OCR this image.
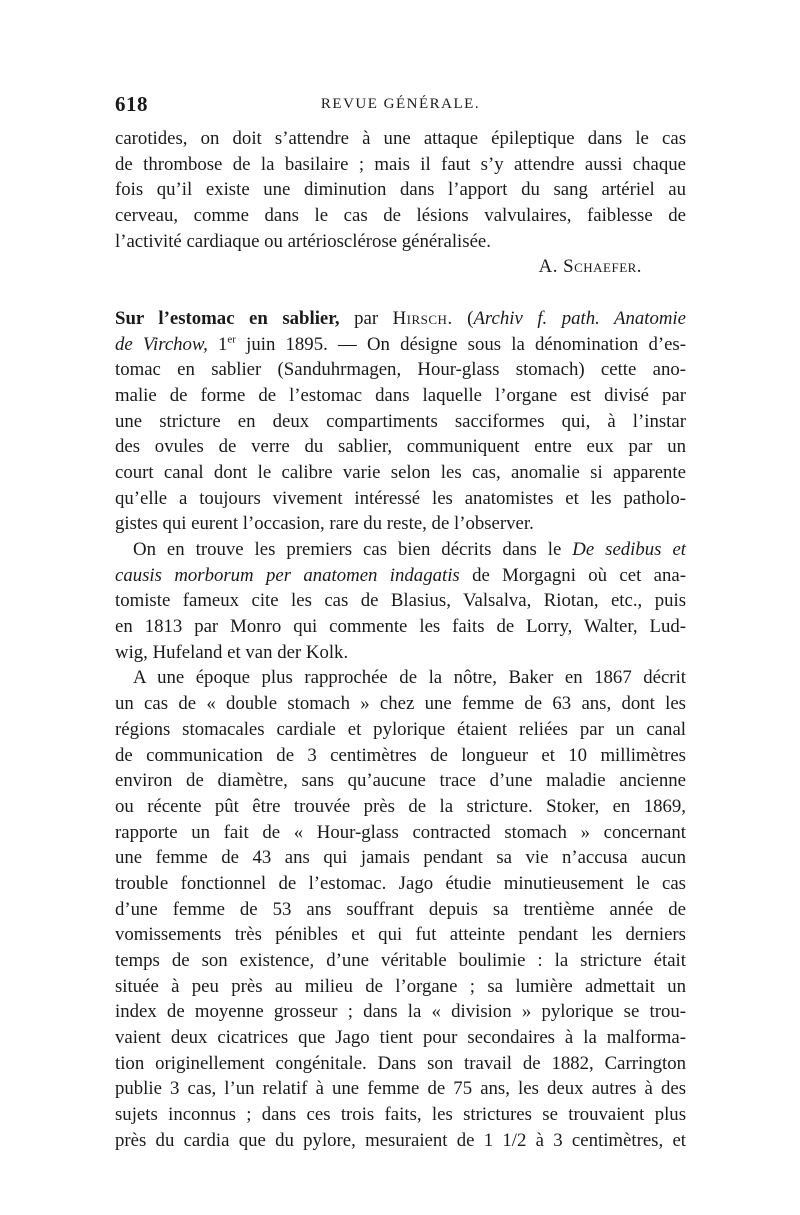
618	REVUE GÉNÉRALE.
carotides, on doit s’attendre à une attaque épileptique dans le cas
de thrombose de la basilaire ; mais il faut s’y attendre aussi chaque
fois qu’il existe une diminution dans l’apport du sang artériel au
cerveau, comme dans le cas de lésions valvulaires, faiblesse de
l’activité cardiaque ou artériosclérose généralisée.
A. Schaefer.
Sur l’estomac en sablier, par Hirsch. (Archiv f. path. Anatomie
de Virchow, 1er juin 1895. — On désigne sous la dénomination d’es-
tomac en sablier (Sanduhrmagen, Hour-glass stomach) cette ano-
malie de forme de l’estomac dans laquelle l’organe est divisé par
une stricture en deux compartiments sacciformes qui, à l’instar
des ovules de verre du sablier, communiquent entre eux par un
court canal dont le calibre varie selon les cas, anomalie si apparente
qu’elle a toujours vivement intéressé les anatomistes et les patholo-
gistes qui eurent l’occasion, rare du reste, de l’observer.
On en trouve les premiers cas bien décrits dans le De sedibus et
causis morborum per anatomen indagatis de Morgagni où cet ana-
tomiste fameux cite les cas de Blasius, Valsalva, Riotan, etc., puis
en 1813 par Monro qui commente les faits de Lorry, Walter, Lud-
wig, Hufeland et van der Kolk.
A une époque plus rapprochée de la nôtre, Baker en 1867 décrit
un cas de « double stomach » chez une femme de 63 ans, dont les
régions stomacales cardiale et pylorique étaient reliées par un canal
de communication de 3 centimètres de longueur et 10 millimètres
environ de diamètre, sans qu’aucune trace d’une maladie ancienne
ou récente pût être trouvée près de la stricture. Stoker, en 1869,
rapporte un fait de « Hour-glass contracted stomach » concernant
une femme de 43 ans qui jamais pendant sa vie n’accusa aucun
trouble fonctionnel de l’estomac. Jago étudie minutieusement le cas
d’une femme de 53 ans souffrant depuis sa trentième année de
vomissements très pénibles et qui fut atteinte pendant les derniers
temps de son existence, d’une véritable boulimie : la stricture était
située à peu près au milieu de l’organe ; sa lumière admettait un
index de moyenne grosseur ; dans la « division » pylorique se trou-
vaient deux cicatrices que Jago tient pour secondaires à la malforma-
tion originellement congénitale. Dans son travail de 1882, Carrington
publie 3 cas, l’un relatif à une femme de 75 ans, les deux autres à des
sujets inconnus ; dans ces trois faits, les strictures se trouvaient plus
près du cardia que du pylore, mesuraient de 1 1/2 à 3 centimètres, et
